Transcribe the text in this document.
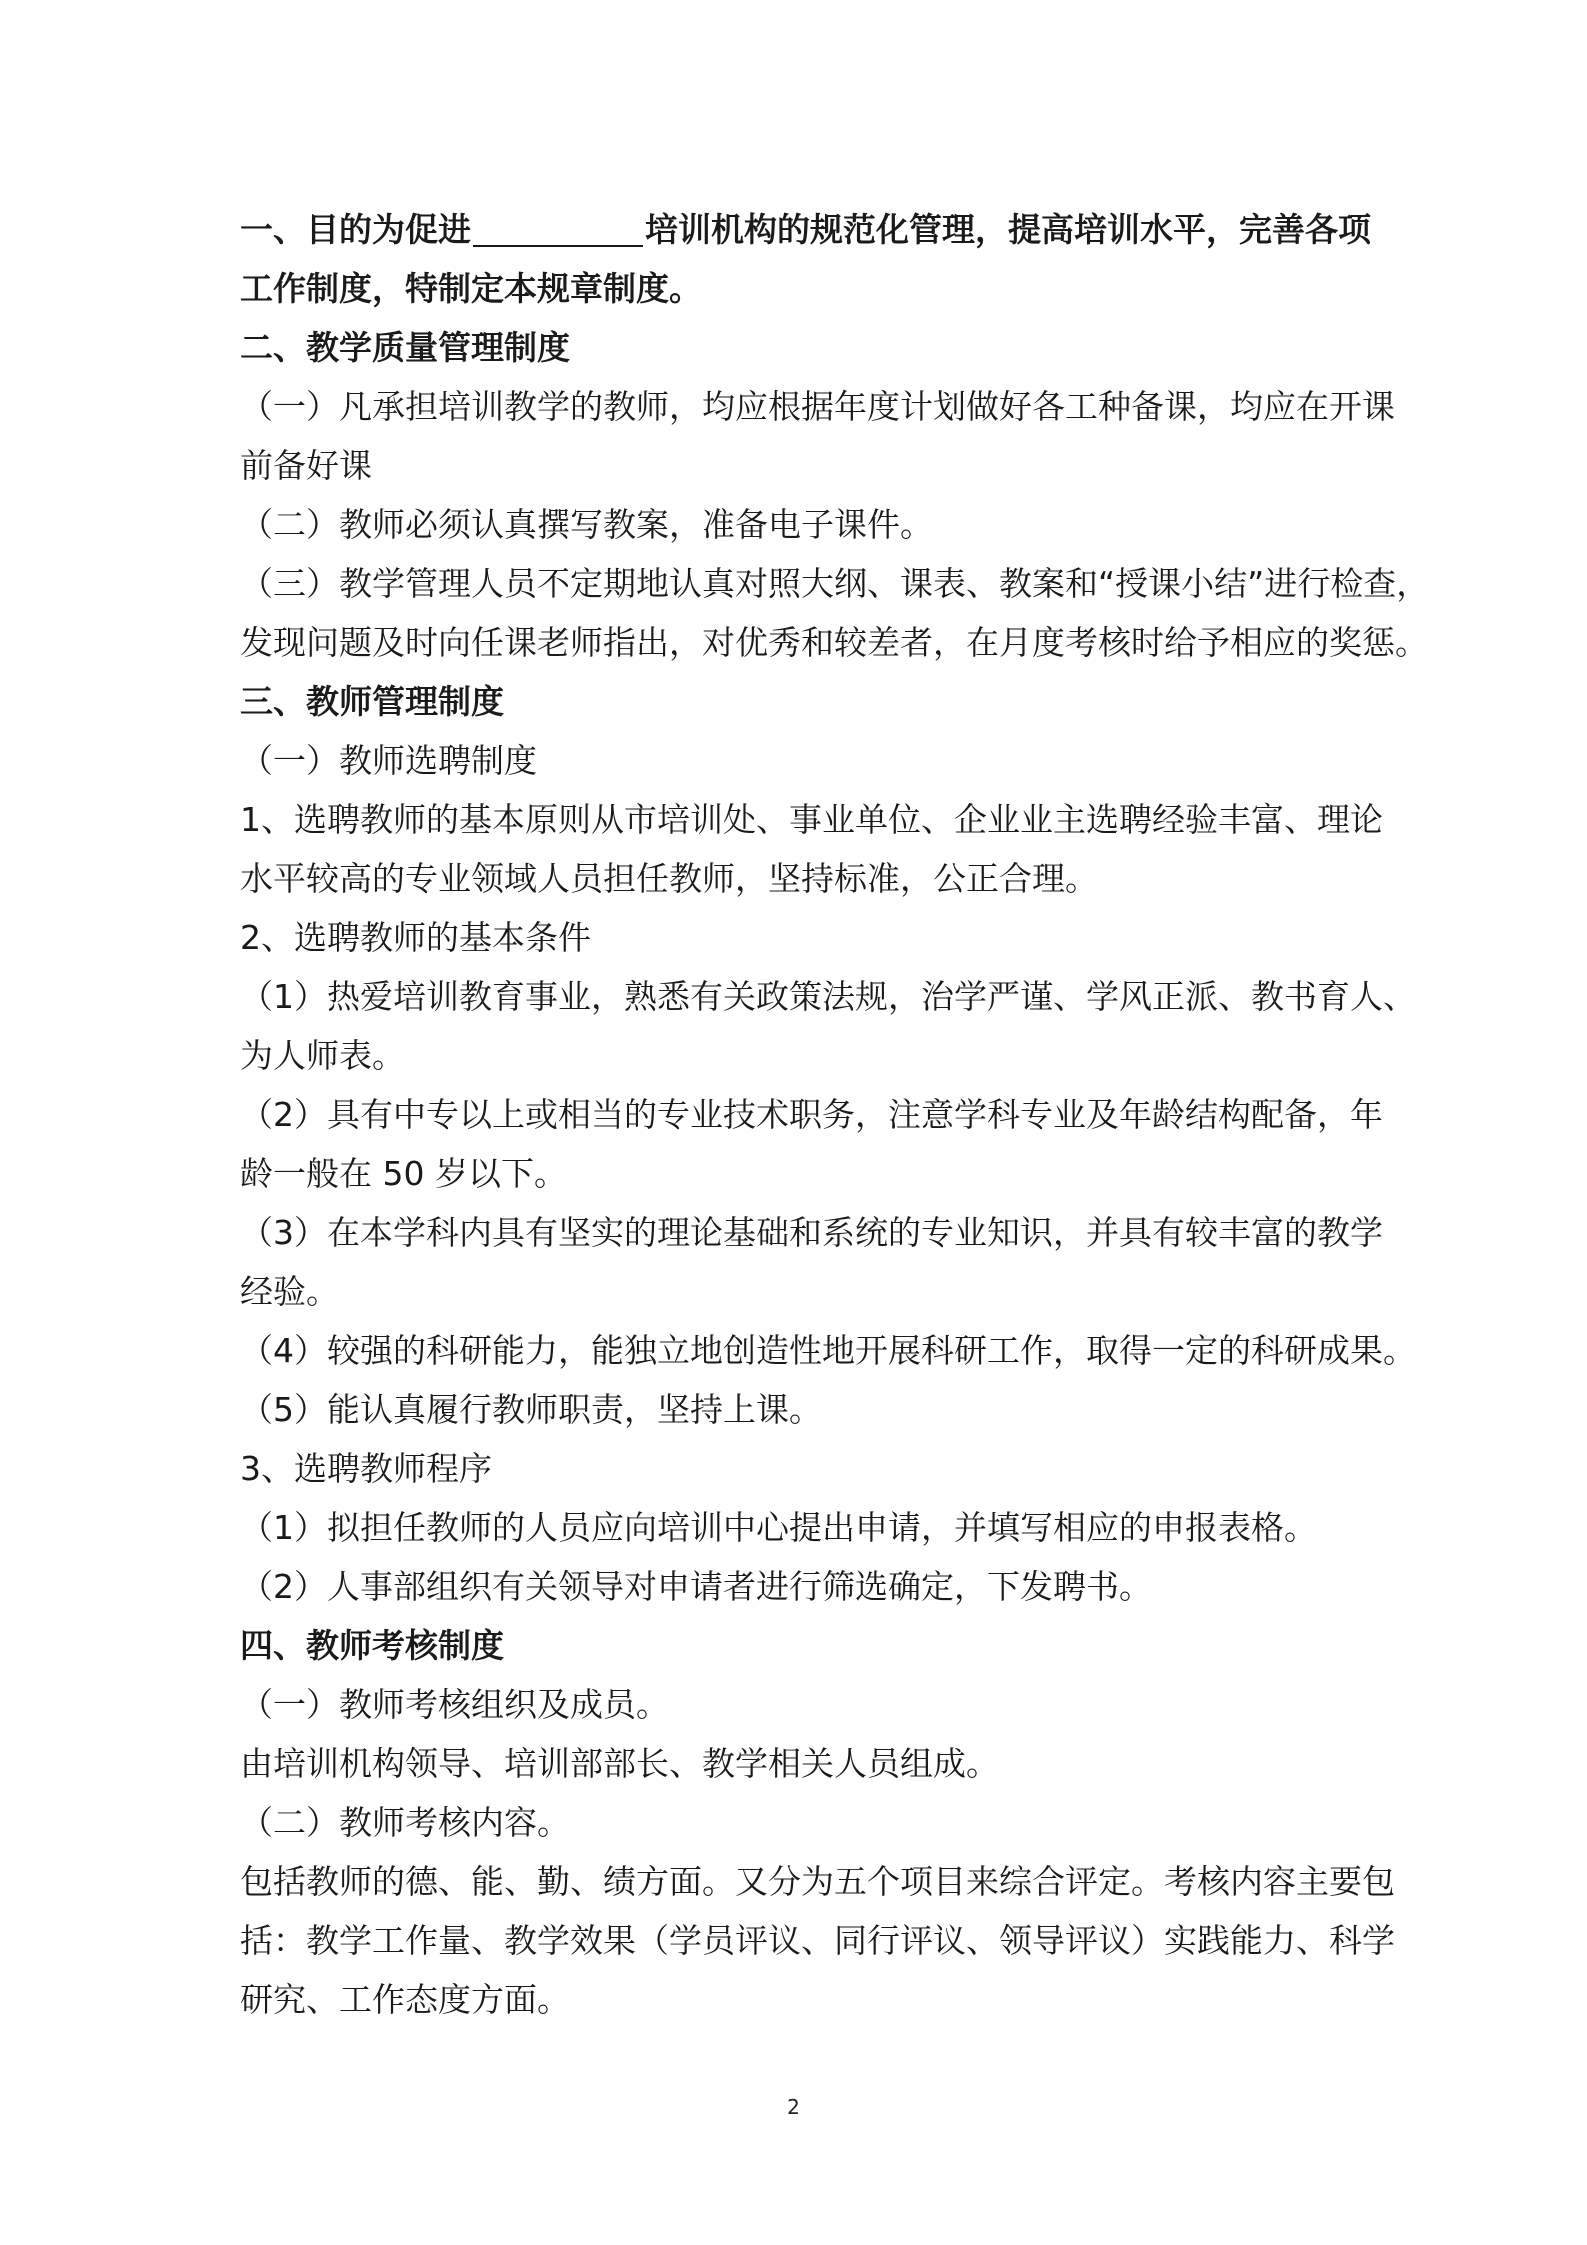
一、目的为促进	培训机构的规范化管理，提高培训水平，完善各项
工作制度，特制定本规章制度。
二、教学质量管理制度
（一）凡承担培训教学的教师，均应根据年度计划做好各工种备课，均应在开课
前备好课
（二）教师必须认真撰写教案，准备电子课件。
（三）教学管理人员不定期地认真对照大纲、课表、教案和“授课小结”进行检查，
发现问题及时向任课老师指出，对优秀和较差者，在月度考核时给予相应的奖惩。
三、教师管理制度
（一）教师选聘制度
1、选聘教师的基本原则从市培训处、事业单位、企业业主选聘经验丰富、理论
水平较高的专业领域人员担任教师，坚持标准，公正合理。
2、选聘教师的基本条件
（1）热爱培训教育事业，熟悉有关政策法规，治学严谨、学风正派、教书育人、
为人师表。
（2）具有中专以上或相当的专业技术职务，注意学科专业及年龄结构配备，年
龄一般在 50 岁以下。
（3）在本学科内具有坚实的理论基础和系统的专业知识，并具有较丰富的教学
经验。
（4）较强的科研能力，能独立地创造性地开展科研工作，取得一定的科研成果。
（5）能认真履行教师职责，坚持上课。
3、选聘教师程序
（1）拟担任教师的人员应向培训中心提出申请，并填写相应的申报表格。
（2）人事部组织有关领导对申请者进行筛选确定，下发聘书。
四、教师考核制度
（一）教师考核组织及成员。
由培训机构领导、培训部部长、教学相关人员组成。
（二）教师考核内容。
包括教师的德、能、勤、绩方面。又分为五个项目来综合评定。考核内容主要包
括：教学工作量、教学效果（学员评议、同行评议、领导评议）实践能力、科学
研究、工作态度方面。
2
